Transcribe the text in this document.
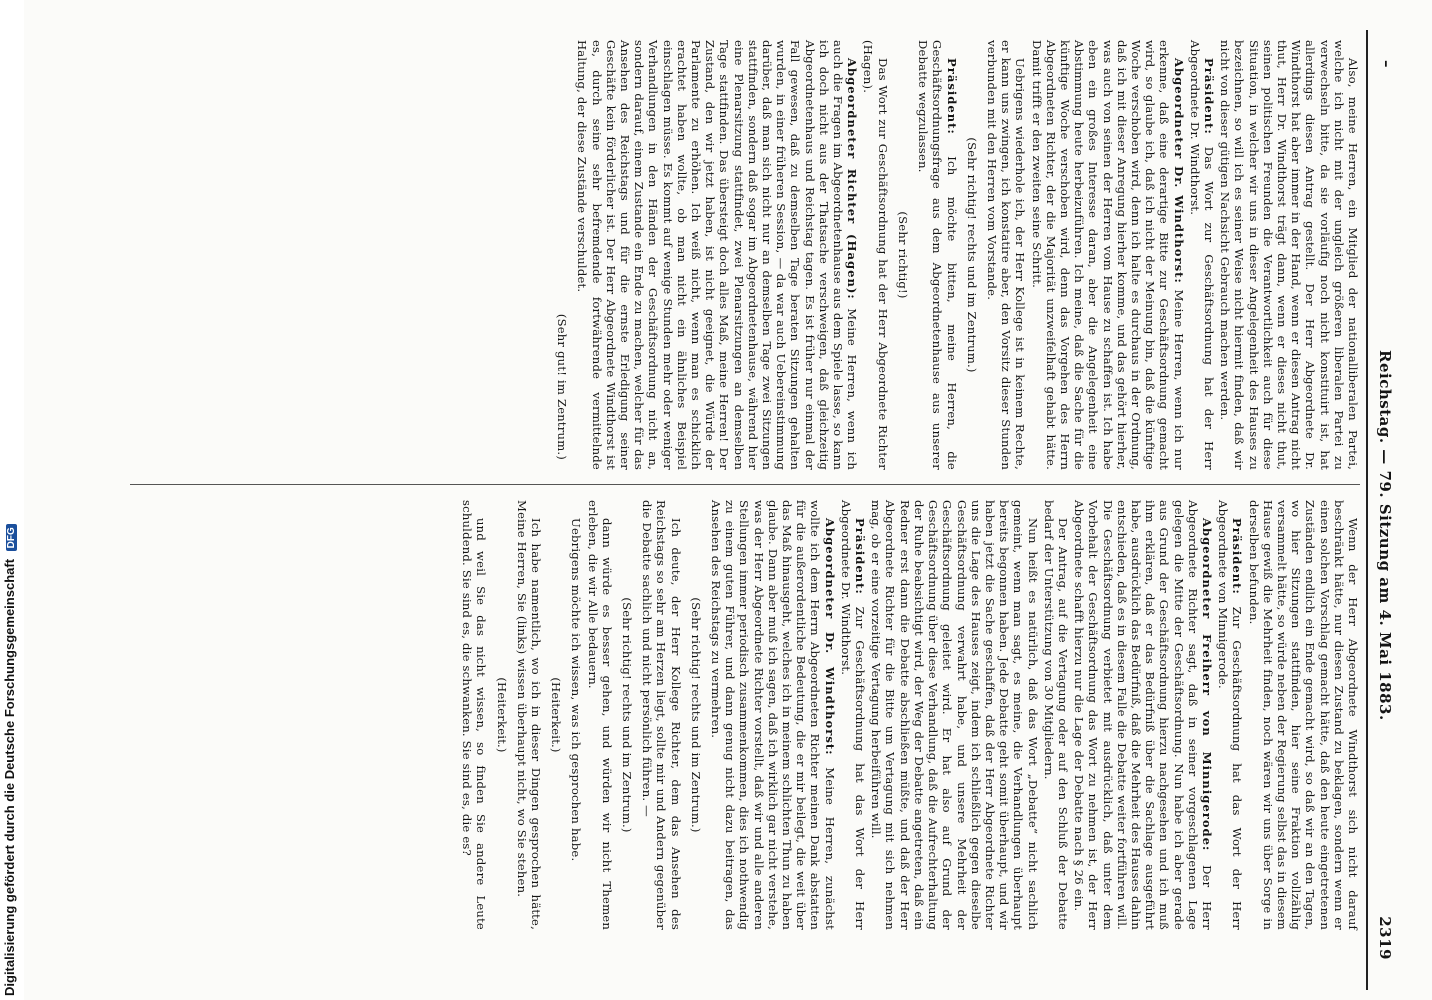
–
Reichstag. — 79. Sitzung am 4. Mai 1883.
2319

Also, meine Herren, ein Mitglied der nationalliberalen Partei, welche ich nicht mit der ungleich größeren liberalen Partei zu verwechseln bitte, da sie vorläufig noch nicht konstituirt ist, hat allerdings diesen Antrag gestellt. Der Herr Abgeordnete Dr. Windthorst hat aber immer in der Hand, wenn er diesen Antrag nicht thut, Herr Dr. Windthorst trägt dann, wenn er dieses nicht thut, seinen politischen Freunden die Verantwortlichkeit auch für diese Situation, in welcher wir uns in dieser Angelegenheit des Hauses zu bezeichnen, so will ich es seiner Weise nicht hiermit finden, daß wir nicht von dieser gütigen Nachsicht Gebrauch machen werden.

Präsident: Das Wort zur Geschäftsordnung hat der Herr Abgeordnete Dr. Windthorst.

Abgeordneter Dr. Windthorst: Meine Herren, wenn ich nur erkenne, daß eine derartige Bitte zur Geschäftsordnung gemacht wird, so glaube ich, daß ich nicht der Meinung bin, daß die künftige Woche verschoben wird, denn ich halte es durchaus in der Ordnung, daß ich mit dieser Anregung hierher komme, und das gehört hierher, was auch von seinen der Herren vom Hause zu schaffen ist. Ich habe eben ein großes Interesse daran, aber die Angelegenheit eine Abstimmung heute herbeizuführen. Ich meine, daß die Sache für die künftige Woche verschoben wird, denn das Vorgehen des Herrn Abgeordneten Richter, der die Majorität unzweifelhaft gehabt hätte. Damit trifft er den zweiten seine Schritt.

Uebrigens wiederhole ich, der Herr Kollege ist in keinem Rechte, er kann uns zwingen, ich konstatire aber, den Vorsitz dieser Stunden verbunden mit den Herren vom Vorstande.

(Sehr richtig! rechts und im Zentrum.)

Präsident: Ich möchte bitten, meine Herren, die Geschäftsordnungsfrage aus dem Abgeordnetenhause aus unserer Debatte wegzulassen.

(Sehr richtig!)

Das Wort zur Geschäftsordnung hat der Herr Abgeordnete Richter (Hagen).

Abgeordneter Richter (Hagen): Meine Herren, wenn ich auch die Fragen im Abgeordnetenhause aus dem Spiele lasse, so kann ich doch nicht aus der Thatsache verschweigen, daß gleichzeitig Abgeordnetenhaus und Reichstag tagen. Es ist früher nur einmal der Fall gewesen, daß zu demselben Tage beraten Sitzungen gehalten wurden, in einer früheren Session, — da war auch Uebereinstimmung darüber, daß man sich nicht nur an demselben Tage zwei Sitzungen stattfinden, sondern daß sogar im Abgeordnetenhause, während hier eine Plenarsitzung stattfindet, zwei Plenarsitzungen an demselben Tage stattfinden. Das übersteigt doch alles Maß, meine Herren! Der Zustand, den wir jetzt haben, ist nicht geeignet, die Würde der Parlamente zu erhöhen. Ich weiß nicht, wenn man es schicklich erachtet haben wollte, ob man nicht ein ähnliches Beispiel einschlagen müsse. Es kommt auf wenige Stunden mehr oder weniger Verhandlungen in den Händen der Geschäftsordnung nicht an, sondern darauf, einem Zustande ein Ende zu machen, welcher für das Ansehen des Reichstags und für die ernste Erledigung seiner Geschäfte kein förderlicher ist. Der Herr Abgeordnete Windthorst ist es, durch seine sehr befremdende fortwährende vermittelnde Haltung, der diese Zustände verschuldet.

(Sehr gut! im Zentrum.)

Wenn der Herr Abgeordnete Windthorst sich nicht darauf beschränkt hätte, nur diesen Zustand zu beklagen, sondern wenn er einen solchen Vorschlag gemacht hätte, daß den heute eingetretenen Zuständen endlich ein Ende gemacht wird, so daß wir an den Tagen, wo hier Sitzungen stattfinden, hier seine Fraktion vollzählig versammelt hätte, so würde neben der Regierung selbst das in diesem Hause gewiß die Mehrheit finden, noch wären wir uns über Sorge in derselben befunden.

Präsident: Zur Geschäftsordnung hat das Wort der Herr Abgeordnete von Minnigerode.

Abgeordneter Freiherr von Minnigerode: Der Herr Abgeordnete Richter sagt, daß in seiner vorgeschlagenen Lage gelegen die Mitte der Geschäftsordnung. Nun habe ich aber gerade aus Grund der Geschäftsordnung hierzu nachgesehen und ich muß ihm erklären, daß er das Bedürfniß über die Sachlage ausgeführt habe, ausdrücklich das Bedürfniß, daß die Mehrheit des Hauses dahin entschieden, daß es in diesem Falle die Debatte weiter fortführen will. Die Geschäftsordnung verbietet mit ausdrücklich, daß unter dem Vorbehalt der Geschäftsordnung das Wort zu nehmen ist, der Herr Abgeordnete schafft hierzu nur die Lage der Debatte nach § 26 ein.

Der Antrag, auf die Vertagung oder auf den Schluß der Debatte bedarf der Unterstützung von 30 Mitgliedern.

Nun heißt es natürlich, daß das Wort „Debatte“ nicht sachlich gemeint, wenn man sagt, es meine, die Verhandlungen überhaupt bereits begonnen haben. Jede Debatte geht somit überhaupt, und wir haben jetzt die Sache geschaffen, daß der Herr Abgeordnete Richter uns die Lage des Hauses zeigt, indem ich schließlich gegen dieselbe Geschäftsordnung verwahrt habe, und unsere Mehrheit der Geschäftsordnung geleitet wird. Er hat also auf Grund der Geschäftsordnung über diese Verhandlung, daß die Aufrechterhaltung der Ruhe beabsichtigt wird, der Weg der Debatte angetreten, daß ein Redner erst dann die Debatte abschließen müßte, und daß der Herr Abgeordnete Richter für die Bitte um Vertagung mit sich nehmen mag, ob er eine vorzeitige Vertagung herbeiführen will.

Präsident: Zur Geschäftsordnung hat das Wort der Herr Abgeordnete Dr. Windthorst.

Abgeordneter Dr. Windthorst: Meine Herren, zunächst wollte ich dem Herrn Abgeordneten Richter meinen Dank abstatten für die außerordentliche Bedeutung, die er mir beilegt, die weit über das Maß hinausgeht, welches ich in meinem schlichten Thun zu haben glaube. Dann aber muß ich sagen, daß ich wirklich gar nicht verstehe, was der Herr Abgeordnete Richter vorstellt, daß wir und alle anderen Stellungen immer periodisch zusammenkommen, dies ich nothwendig zu einem guten Führer, und dann genug nicht dazu beitragen, das Ansehen des Reichstags zu vermehren.

(Sehr richtig! rechts und im Zentrum.)

Ich deute, der Herr Kollege Richter, dem das Ansehen des Reichstags so sehr am Herzen liegt, sollte mir und Andern gegenüber die Debatte sachlich und nicht persönlich führen. —

(Sehr richtig! rechts und im Zentrum.)

dann würde es besser gehen, und würden wir nicht Themen erleben, die wir Alle bedauern.

Uebrigens möchte ich wissen, was ich gesprochen habe.

(Heiterkeit.)

Ich habe namentlich, wo ich in dieser Dingen gesprochen hätte, Meine Herren, Sie (links) wissen überhaupt nicht, wo Sie stehen.

(Heiterkeit.)

und weil Sie das nicht wissen, so finden Sie andere Leute schuldend. Sie sind es, die schwanken. Sie sind es, die es?

Digitalisierung gefördert durch die Deutsche Forschungsgemeinschaft DFG
